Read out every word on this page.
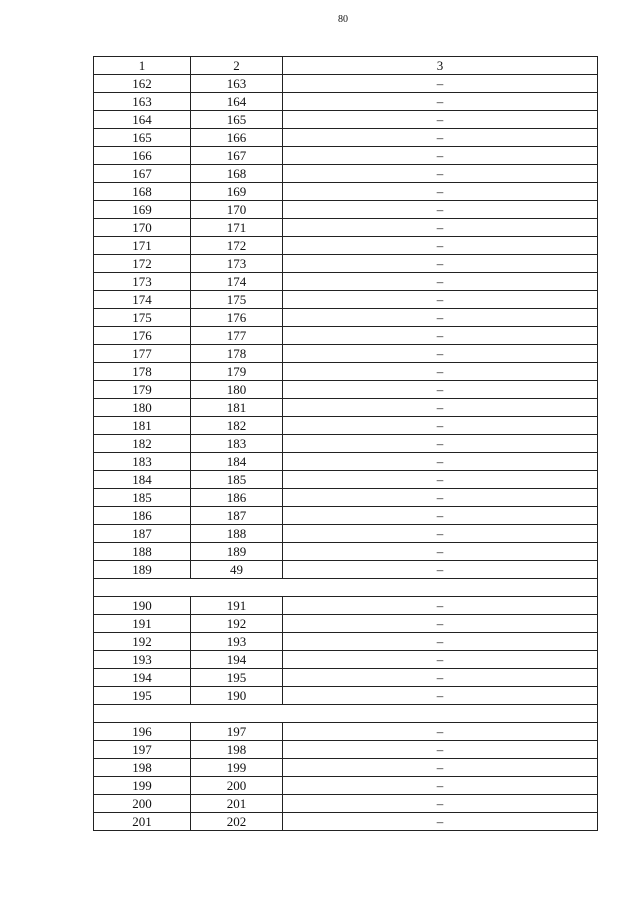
80
1	2	3
162	163	–
163	164	–
164	165	–
165	166	–
166	167	–
167	168	–
168	169	–
169	170	–
170	171	–
171	172	–
172	173	–
173	174	–
174	175	–
175	176	–
176	177	–
177	178	–
178	179	–
179	180	–
180	181	–
181	182	–
182	183	–
183	184	–
184	185	–
185	186	–
186	187	–
187	188	–
188	189	–
189	49	–

190	191	–
191	192	–
192	193	–
193	194	–
194	195	–
195	190	–

196	197	–
197	198	–
198	199	–
199	200	–
200	201	–
201	202	–
